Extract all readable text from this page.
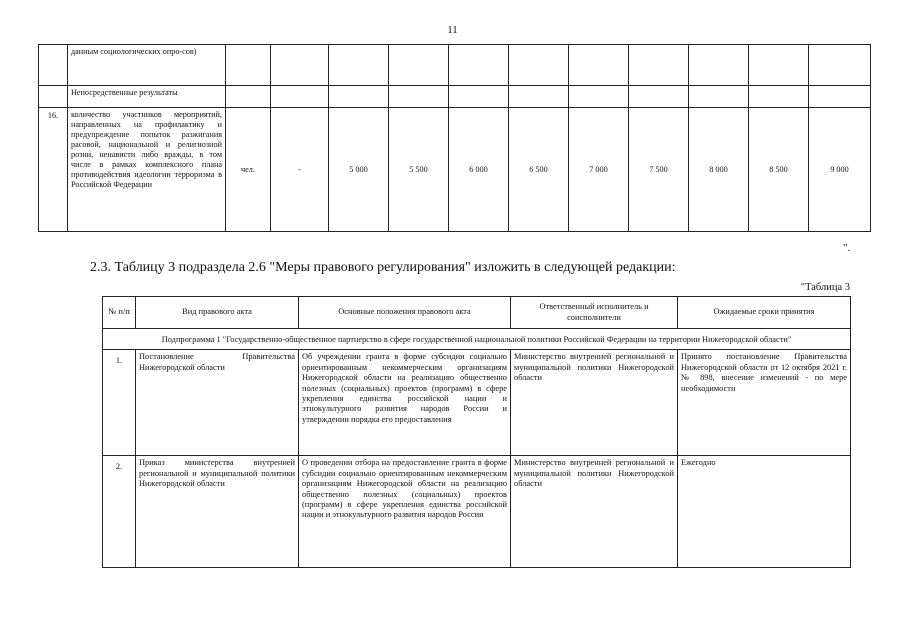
11
	данным социологических опро-сов)											
	Непосредственные результаты											
16.	количество участников мероприятий, направленных на профилактику и предупреждение попыток разжигания расовой, национальной и религиозной розни, ненависти либо вражды, в том числе в рамках комплексного плана противодействия идеологии терроризма в Российской Федерации	чел.	-	5 000	5 500	6 000	6 500	7 000	7 500	8 000	8 500	9 000
".
2.3. Таблицу 3 подраздела 2.6 "Меры правового регулирования" изложить в следующей редакции:
"Таблица 3
№ п/п	Вид правового акта	Основные положения правового акта	Ответственный исполнитель и соисполнители	Ожидаемые сроки принятия
Подпрограмма 1 "Государственно-общественное партнерство в сфере государственной национальной политики Российской Федерации на территории Нижегородской области"				
1.	Постановление Правительства Нижегородской области	Об учреждении гранта в форме субсидии социально ориентированным некоммерческим организациям Нижегородской области на реализацию общественно полезных (социальных) проектов (программ) в сфере укрепления единства российской нации и этнокультурного развития народов России и утверждении порядка его предоставления	Министерство внутренней региональной и муниципальной политики Нижегородской области	Принято постановление Правительства Нижегородской области от 12 октября 2021 г. № 898, внесение изменений - по мере необходимости
2.	Приказ министерства внутренней региональной и муниципальной политики Нижегородской области	О проведении отбора на предоставление гранта в форме субсидии социально ориентированным некоммерческим организациям Нижегородской области на реализацию общественно полезных (социальных) проектов (программ) в сфере укрепления единства российской нации и этнокультурного развития народов России	Министерство внутренней региональной и муниципальной политики Нижегородской области	Ежегодно
